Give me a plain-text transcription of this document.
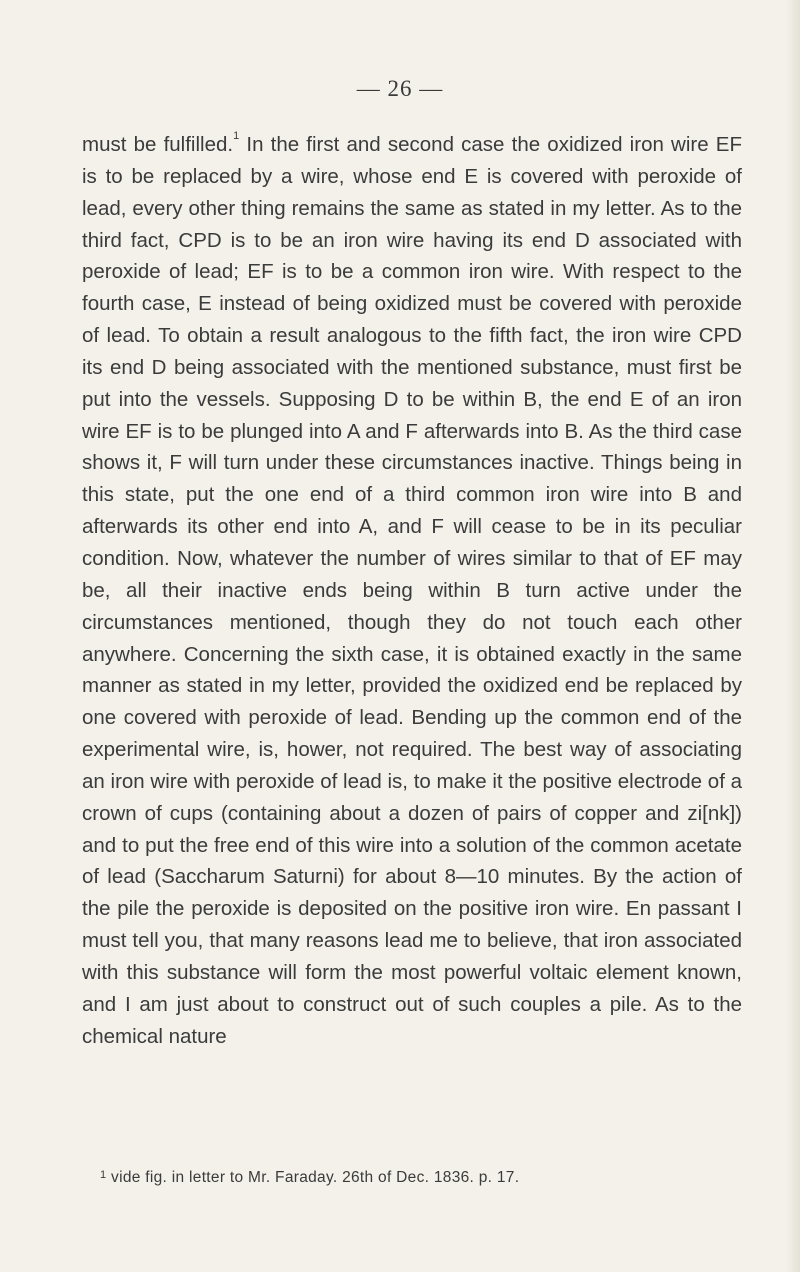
— 26 —

must be fulfilled.$^1$ In the first and second case the oxidized iron wire EF is to be replaced by a wire, whose end E is covered with peroxide of lead, every other thing remains the same as stated in my letter. As to the third fact, CPD is to be an iron wire having its end D associated with peroxide of lead; EF is to be a common iron wire. With respect to the fourth case, E instead of being oxidized must be covered with peroxide of lead. To obtain a result analogous to the fifth fact, the iron wire CPD its end D being associated with the mentioned substance, must first be put into the vessels. Supposing D to be within B, the end E of an iron wire EF is to be plunged into A and F afterwards into B. As the third case shows it, F will turn under these circumstances inactive. Things being in this state, put the one end of a third common iron wire into B and afterwards its other end into A, and F will cease to be in its peculiar condition. Now, whatever the number of wires similar to that of EF may be, all their inactive ends being within B turn active under the circumstances mentioned, though they do not touch each other anywhere. Concerning the sixth case, it is obtained exactly in the same manner as stated in my letter, provided the oxidized end be replaced by one covered with peroxide of lead. Bending up the common end of the experimental wire, is, hower, not required. The best way of associating an iron wire with peroxide of lead is, to make it the positive electrode of a crown of cups (containing about a dozen of pairs of copper and zi[nk]) and to put the free end of this wire into a solution of the common acetate of lead (Saccharum Saturni) for about 8—10 minutes. By the action of the pile the peroxide is deposited on the positive iron wire. En passant I must tell you, that many reasons lead me to believe, that iron associated with this substance will form the most powerful voltaic element known, and I am just about to construct out of such couples a pile. As to the chemical nature

$^1$ vide fig. in letter to Mr. Faraday. 26th of Dec. 1836. p. 17.
